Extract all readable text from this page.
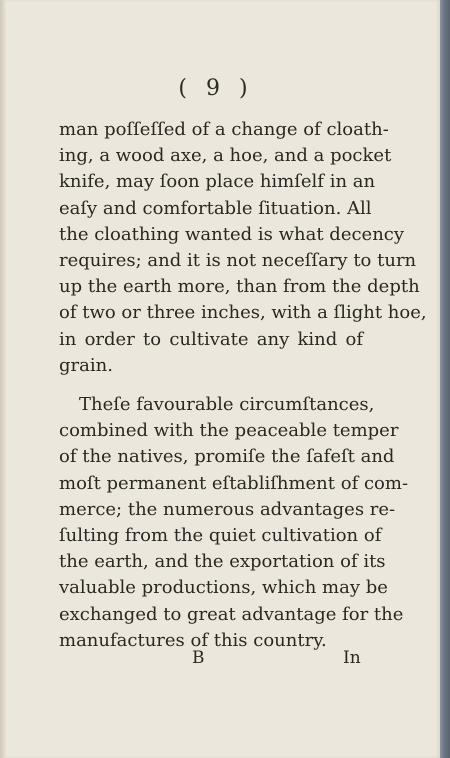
( 9 )
man poſſeſſed of a change of cloath-
ing, a wood axe, a hoe, and a pocket
knife, may ſoon place himſelf in an
eaſy and comfortable ſituation. All
the cloathing wanted is what decency
requires; and it is not neceſſary to turn
up the earth more, than from the depth
of two or three inches, with a ſlight hoe,
in order to cultivate any kind of
grain.
Theſe favourable circumſtances,
combined with the peaceable temper
of the natives, promiſe the ſafeſt and
moſt permanent eſtabliſhment of com-
merce; the numerous advantages re-
ſulting from the quiet cultivation of
the earth, and the exportation of its
valuable productions, which may be
exchanged to great advantage for the
manufactures of this country.
B	In
